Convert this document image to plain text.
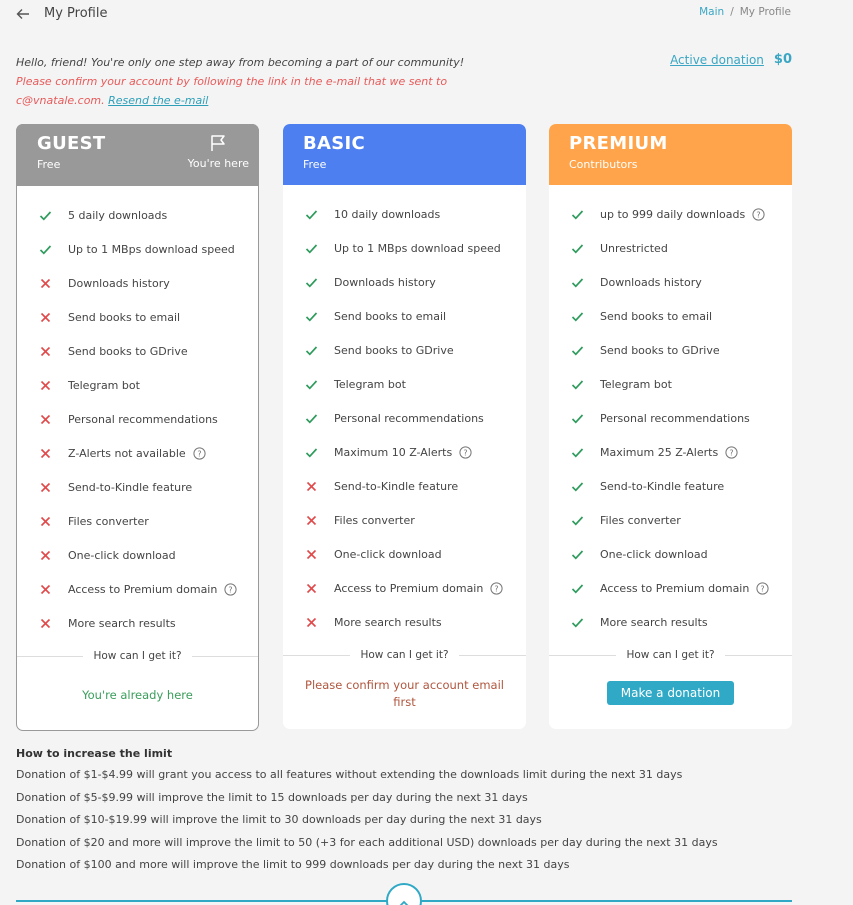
My Profile	Main / My Profile
Hello, friend! You're only one step away from becoming a part of our community!
Please confirm your account by following the link in the e-mail that we sent to c@vnatale.com. Resend the e-mail
Active donation $0
GUEST
Free	You're here
5 daily downloads
Up to 1 MBps download speed
Downloads history
Send books to email
Send books to GDrive
Telegram bot
Personal recommendations
Z-Alerts not available ?
Send-to-Kindle feature
Files converter
One-click download
Access to Premium domain ?
More search results
How can I get it?
You're already here
BASIC
Free
10 daily downloads
Up to 1 MBps download speed
Downloads history
Send books to email
Send books to GDrive
Telegram bot
Personal recommendations
Maximum 10 Z-Alerts ?
Send-to-Kindle feature
Files converter
One-click download
Access to Premium domain ?
More search results
How can I get it?
Please confirm your account email first
PREMIUM
Contributors
up to 999 daily downloads ?
Unrestricted
Downloads history
Send books to email
Send books to GDrive
Telegram bot
Personal recommendations
Maximum 25 Z-Alerts ?
Send-to-Kindle feature
Files converter
One-click download
Access to Premium domain ?
More search results
How can I get it?
Make a donation
How to increase the limit
Donation of $1-$4.99 will grant you access to all features without extending the downloads limit during the next 31 days
Donation of $5-$9.99 will improve the limit to 15 downloads per day during the next 31 days
Donation of $10-$19.99 will improve the limit to 30 downloads per day during the next 31 days
Donation of $20 and more will improve the limit to 50 (+3 for each additional USD) downloads per day during the next 31 days
Donation of $100 and more will improve the limit to 999 downloads per day during the next 31 days
